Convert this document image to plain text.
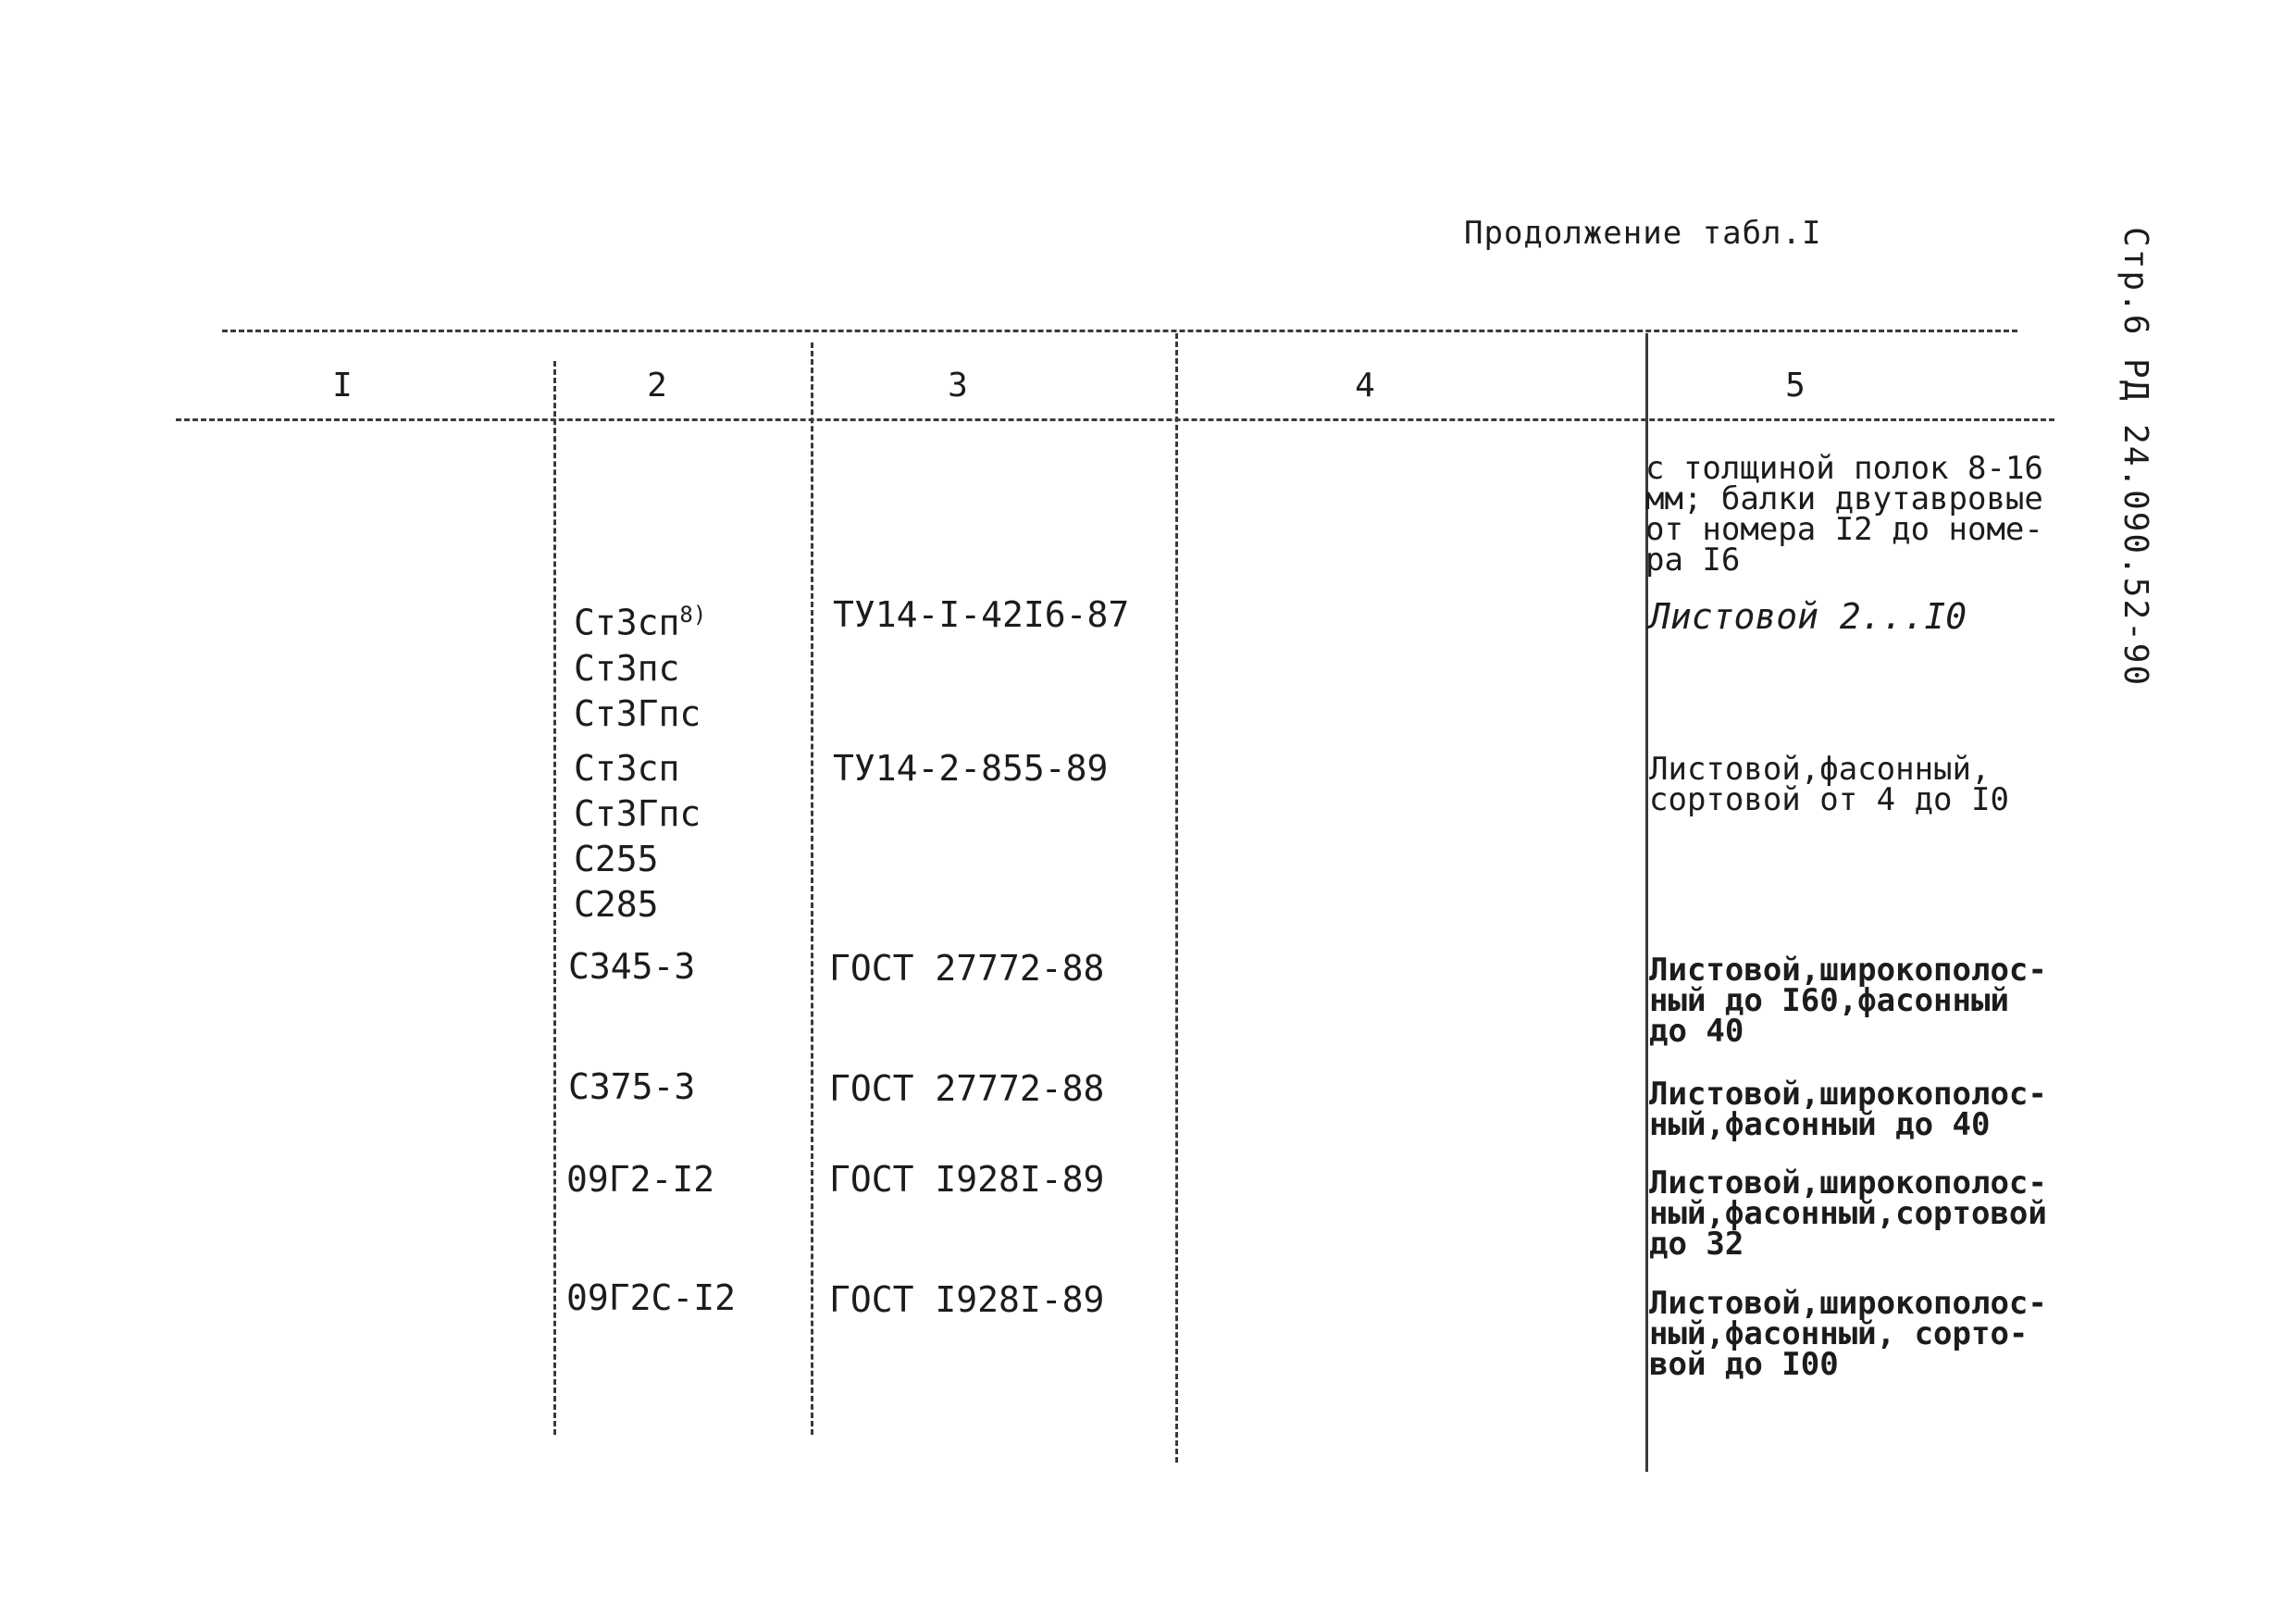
Продолжение табл.I	Стр.6 РД 24.090.52-90
I	2	3	4	5
с толщиной полок 8-16
мм; балки двутавровые
от номера I2 до номе-
ра I6
$Ст3сп^{8)}$
Ст3пс
Ст3Гпс
ТУ14-I-42I6-87	Листовой 2...I0
Ст3сп
Ст3Гпс
С255
С285
ТУ14-2-855-89	Листовой,фасонный,
сортовой от 4 до I0
С345-3	ГОСТ 27772-88	Листовой,широкополос-
ный до I60,фасонный
до 40
С375-3	ГОСТ 27772-88	Листовой,широкополос-
ный,фасонный до 40
09Г2-I2	ГОСТ I928I-89	Листовой,широкополос-
ный,фасонный,сортовой
до 32
09Г2С-I2	ГОСТ I928I-89	Листовой,широкополос-
ный,фасонный, сорто-
вой до I00
